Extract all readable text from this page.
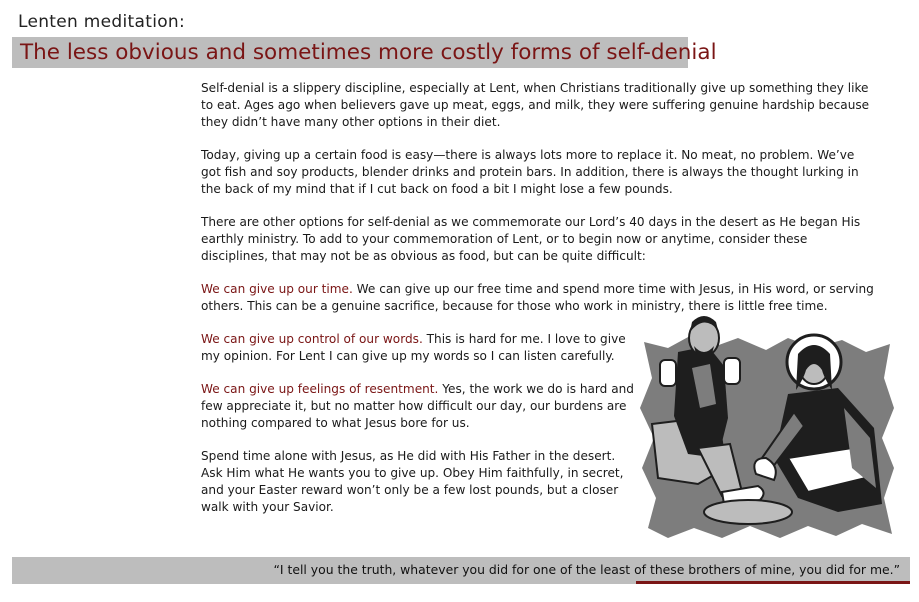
Lenten meditation:
The less obvious and sometimes more costly forms of self-denial

Self-denial is a slippery discipline, especially at Lent, when Christians traditionally give up something they like to eat. Ages ago when believers gave up meat, eggs, and milk, they were suffering genuine hardship because they didn’t have many other options in their diet.

Today, giving up a certain food is easy—there is always lots more to replace it. No meat, no problem. We’ve got fish and soy products, blender drinks and protein bars. In addition, there is always the thought lurking in the back of my mind that if I cut back on food a bit I might lose a few pounds.

There are other options for self-denial as we commemorate our Lord’s 40 days in the desert as He began His earthly ministry. To add to your commemoration of Lent, or to begin now or anytime, consider these disciplines, that may not be as obvious as food, but can be quite difficult:

We can give up our time. We can give up our free time and spend more time with Jesus, in His word, or serving others. This can be a genuine sacrifice, because for those who work in ministry, there is little free time.

We can give up control of our words. This is hard for me. I love to give my opinion. For Lent I can give up my words so I can listen carefully.

We can give up feelings of resentment. Yes, the work we do is hard and few appreciate it, but no matter how difficult our day, our burdens are nothing compared to what Jesus bore for us.

Spend time alone with Jesus, as He did with His Father in the desert. Ask Him what He wants you to give up. Obey Him faithfully, in secret, and your Easter reward won’t only be a few lost pounds, but a closer walk with your Savior.

“I tell you the truth, whatever you did for one of the least of these brothers of mine, you did for me.”
